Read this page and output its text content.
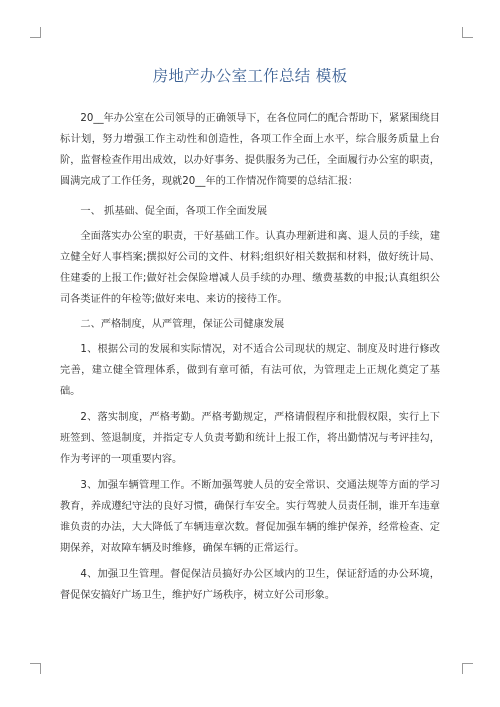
房地产办公室工作总结 模板

20__年办公室在公司领导的正确领导下，在各位同仁的配合帮助下，紧紧围绕目标计划，努力增强工作主动性和创造性，各项工作全面上水平，综合服务质量上台阶，监督检查作用出成效，以办好事务、提供服务为己任，全面履行办公室的职责，圆满完成了工作任务，现就20__年的工作情况作简要的总结汇报：

一、 抓基础、促全面，各项工作全面发展

全面落实办公室的职责，干好基础工作。认真办理新进和离、退人员的手续，建立健全好人事档案;撰拟好公司的文件、材料;组织好相关数据和材料，做好统计局、住建委的上报工作;做好社会保险增减人员手续的办理、缴费基数的申报;认真组织公司各类证件的年检等;做好来电、来访的接待工作。

二、严格制度，从严管理，保证公司健康发展

1、根据公司的发展和实际情况，对不适合公司现状的规定、制度及时进行修改完善，建立健全管理体系，做到有章可循，有法可依，为管理走上正规化奠定了基础。

2、落实制度，严格考勤。严格考勤规定，严格请假程序和批假权限，实行上下班签到、签退制度，并指定专人负责考勤和统计上报工作，将出勤情况与考评挂勾，作为考评的一项重要内容。

3、加强车辆管理工作。不断加强驾驶人员的安全常识、交通法规等方面的学习教育，养成遵纪守法的良好习惯，确保行车安全。实行驾驶人员责任制，谁开车违章谁负责的办法，大大降低了车辆违章次数。督促加强车辆的维护保养，经常检查、定期保养，对故障车辆及时维修，确保车辆的正常运行。

4、加强卫生管理。督促保洁员搞好办公区域内的卫生，保证舒适的办公环境，督促保安搞好广场卫生，维护好广场秩序，树立好公司形象。
